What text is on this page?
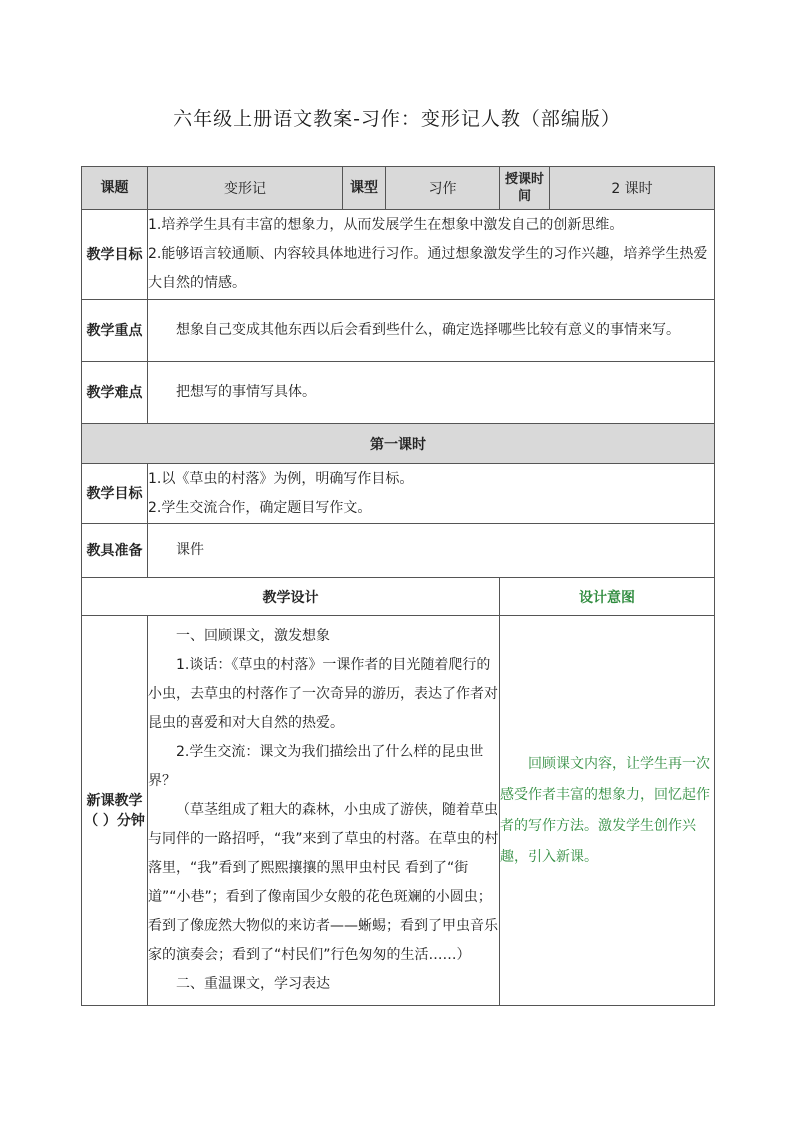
六年级上册语文教案-习作：变形记人教（部编版）
课题	变形记	课型	习作	授课时间	2 课时
教学目标	1.培养学生具有丰富的想象力，从而发展学生在想象中激发自己的创新思维。

2.能够语言较通顺、内容较具体地进行习作。通过想象激发学生的习作兴趣，培养学生热爱大自然的情感。				

教学重点	想象自己变成其他东西以后会看到些什么，确定选择哪些比较有意义的事情来写。				
教学难点	把想写的事情写具体。				
第一课时					
教学目标	1.以《草虫的村落》为例，明确写作目标。

2.学生交流合作，确定题目写作文。				

教具准备	课件				
教学设计				设计意图	
新课教学（ ）分钟	一、回顾课文，激发想象

1.谈话：《草虫的村落》一课作者的目光随着爬行的小虫，去草虫的村落作了一次奇异的游历，表达了作者对昆虫的喜爱和对大自然的热爱。

2.学生交流：课文为我们描绘出了什么样的昆虫世界？

（草茎组成了粗大的森林，小虫成了游侠，随着草虫与同伴的一路招呼，“我”来到了草虫的村落。在草虫的村落里，“我”看到了熙熙攘攘的黑甲虫村民 看到了“街道”“小巷”；看到了像南国少女般的花色斑斓的小圆虫；看到了像庞然大物似的来访者——蜥蜴；看到了甲虫音乐家的演奏会；看到了“村民们”行色匆匆的生活……）

二、重温课文，学习表达			回顾课文内容，让学生再一次感受作者丰富的想象力，回忆起作者的写作方法。激发学生创作兴趣，引入新课。	
